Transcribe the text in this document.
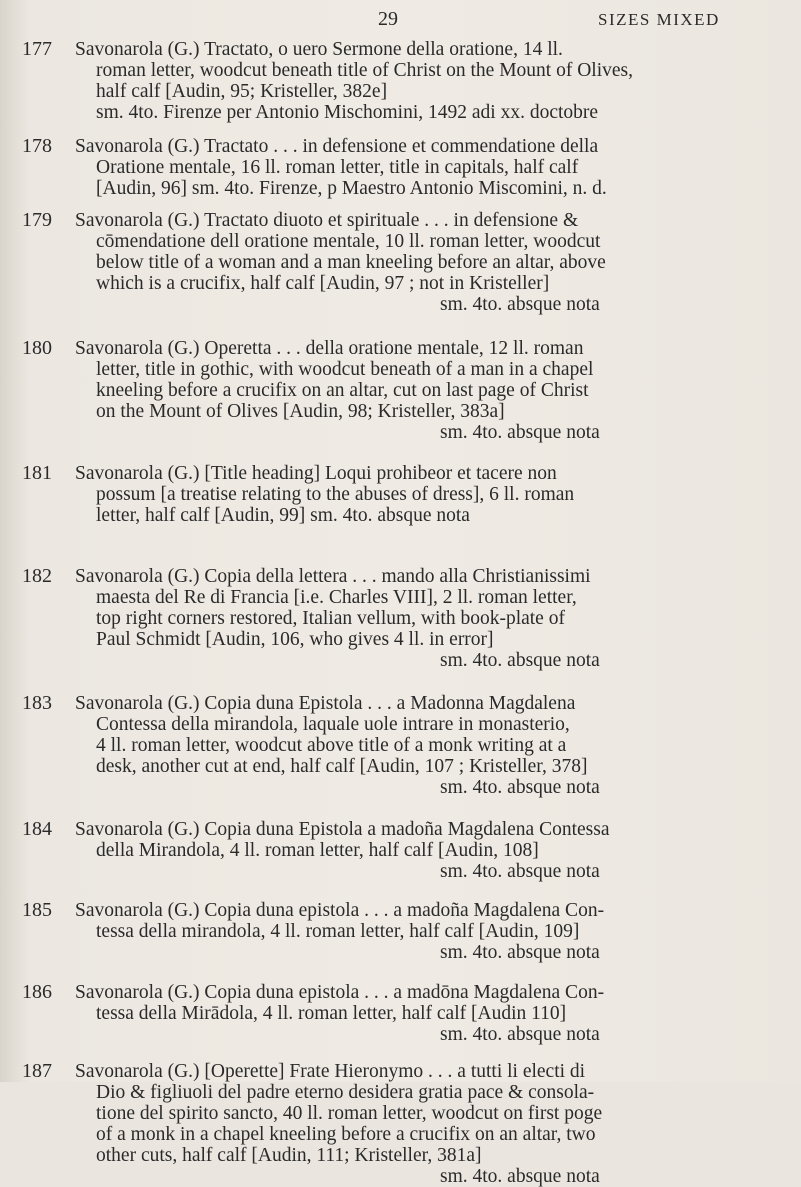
29	SIZES MIXED
177 Savonarola (G.) Tractato, o uero Sermone della oratione, 14 ll.
roman letter, woodcut beneath title of Christ on the Mount of Olives,
half calf [Audin, 95; Kristeller, 382e]
sm. 4to. Firenze per Antonio Mischomini, 1492 adi xx. doctobre
178 Savonarola (G.) Tractato . . . in defensione et commendatione della
Oratione mentale, 16 ll. roman letter, title in capitals, half calf
[Audin, 96] sm. 4to. Firenze, p Maestro Antonio Miscomini, n. d.
179 Savonarola (G.) Tractato diuoto et spirituale . . . in defensione &
cōmendatione dell oratione mentale, 10 ll. roman letter, woodcut
below title of a woman and a man kneeling before an altar, above
which is a crucifix, half calf [Audin, 97 ; not in Kristeller]
sm. 4to. absque nota
180 Savonarola (G.) Operetta . . . della oratione mentale, 12 ll. roman
letter, title in gothic, with woodcut beneath of a man in a chapel
kneeling before a crucifix on an altar, cut on last page of Christ
on the Mount of Olives [Audin, 98; Kristeller, 383a]
sm. 4to. absque nota
181 Savonarola (G.) [Title heading] Loqui prohibeor et tacere non
possum [a treatise relating to the abuses of dress], 6 ll. roman
letter, half calf [Audin, 99] sm. 4to. absque nota
182 Savonarola (G.) Copia della lettera . . . mando alla Christianissimi
maesta del Re di Francia [i.e. Charles VIII], 2 ll. roman letter,
top right corners restored, Italian vellum, with book-plate of
Paul Schmidt [Audin, 106, who gives 4 ll. in error]
sm. 4to. absque nota
183 Savonarola (G.) Copia duna Epistola . . . a Madonna Magdalena
Contessa della mirandola, laquale uole intrare in monasterio,
4 ll. roman letter, woodcut above title of a monk writing at a
desk, another cut at end, half calf [Audin, 107 ; Kristeller, 378]
sm. 4to. absque nota
184 Savonarola (G.) Copia duna Epistola a madoña Magdalena Contessa
della Mirandola, 4 ll. roman letter, half calf [Audin, 108]
sm. 4to. absque nota
185 Savonarola (G.) Copia duna epistola . . . a madoña Magdalena Con-
tessa della mirandola, 4 ll. roman letter, half calf [Audin, 109]
sm. 4to. absque nota
186 Savonarola (G.) Copia duna epistola . . . a madōna Magdalena Con-
tessa della Mirādola, 4 ll. roman letter, half calf [Audin 110]
sm. 4to. absque nota
187 Savonarola (G.) [Operette] Frate Hieronymo . . . a tutti li electi di
Dio & figliuoli del padre eterno desidera gratia pace & consola-
tione del spirito sancto, 40 ll. roman letter, woodcut on first poge
of a monk in a chapel kneeling before a crucifix on an altar, two
other cuts, half calf [Audin, 111; Kristeller, 381a]
sm. 4to. absque nota
